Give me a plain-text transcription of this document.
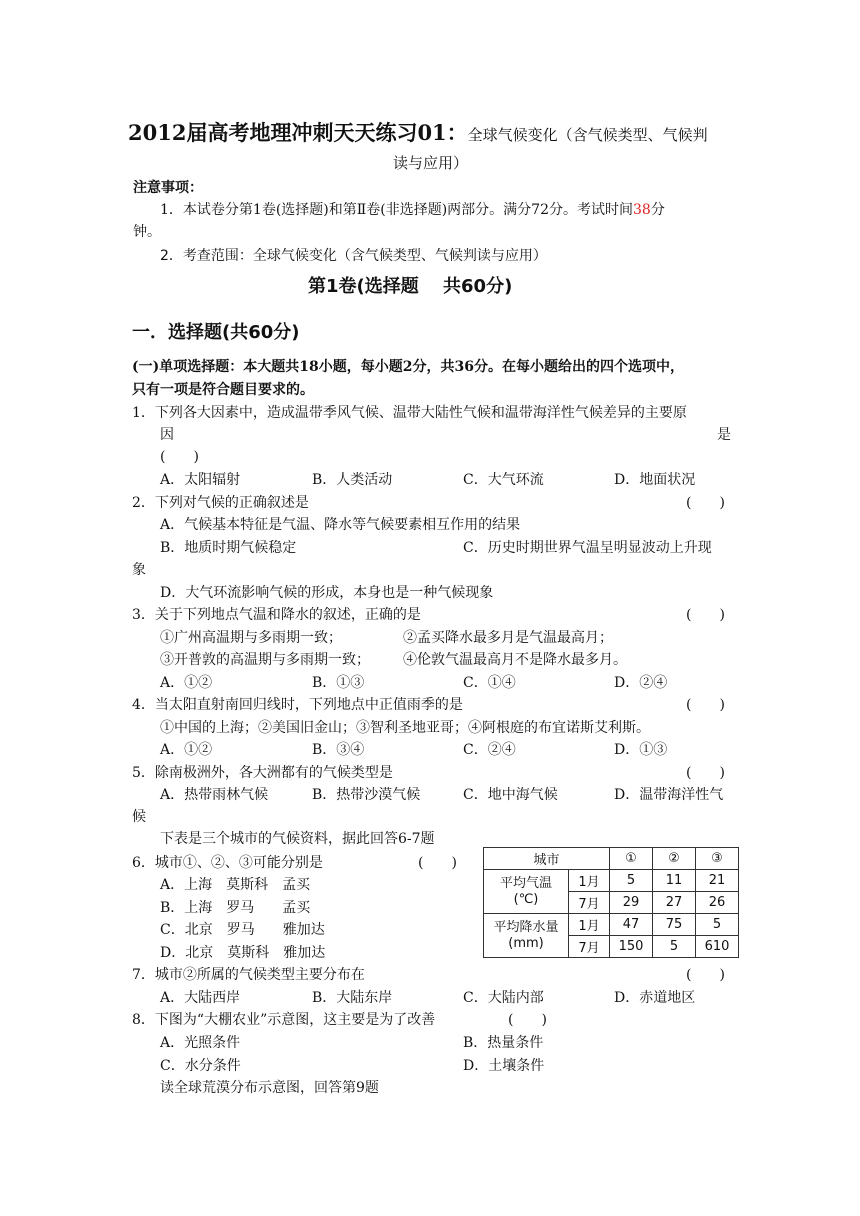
2012届高考地理冲刺天天练习01：全球气候变化（含气候类型、气候判
读与应用）
注意事项：
1．本试卷分第1卷(选择题)和第Ⅱ卷(非选择题)两部分。满分72分。考试时间38分
钟。
2．考查范围：全球气候变化（含气候类型、气候判读与应用）
第1卷(选择题　 共60分)
一．选择题(共60分)
(一)单项选择题：本大题共18小题，每小题2分，共36分。在每小题给出的四个选项中，
只有一项是符合题目要求的。
1．下列各大因素中，造成温带季风气候、温带大陆性气候和温带海洋性气候差异的主要原
因	是
(　　)
A．太阳辐射	B．人类活动	C．大气环流	D．地面状况
2．下列对气候的正确叙述是	(　　)
A．气候基本特征是气温、降水等气候要素相互作用的结果
B．地质时期气候稳定	C．历史时期世界气温呈明显波动上升现
象
D．大气环流影响气候的形成，本身也是一种气候现象
3．关于下列地点气温和降水的叙述，正确的是	(　　)
①广州高温期与多雨期一致；	②孟买降水最多月是气温最高月；
③开普敦的高温期与多雨期一致； ④伦敦气温最高月不是降水最多月。
A．①②	B．①③	C．①④	D．②④
4．当太阳直射南回归线时，下列地点中正值雨季的是	(　　)
①中国的上海；②美国旧金山；③智利圣地亚哥；④阿根庭的布宜诺斯艾利斯。
A．①②	B．③④	C．②④	D．①③
5．除南极洲外，各大洲都有的气候类型是	(　　)
A．热带雨林气候	B．热带沙漠气候	C．地中海气候	D．温带海洋性气
候
下表是三个城市的气候资料，据此回答6-7题
6．城市①、②、③可能分别是	(　　)
A．上海　莫斯科　孟买
B．上海　罗马　　孟买
C．北京　罗马　　雅加达
D．北京　莫斯科　雅加达
城市		①	②	③
平均气温
(℃)	1月	5	11	21
	7月	29	27	26
平均降水量
(mm)	1月	47	75	5
	7月	150	5	610
7．城市②所属的气候类型主要分布在	(　　)
A．大陆西岸	B．大陆东岸	C．大陆内部	D．赤道地区
8．下图为“大棚农业”示意图，这主要是为了改善	(　　)
A．光照条件	B．热量条件
C．水分条件	D．土壤条件
读全球荒漠分布示意图，回答第9题
